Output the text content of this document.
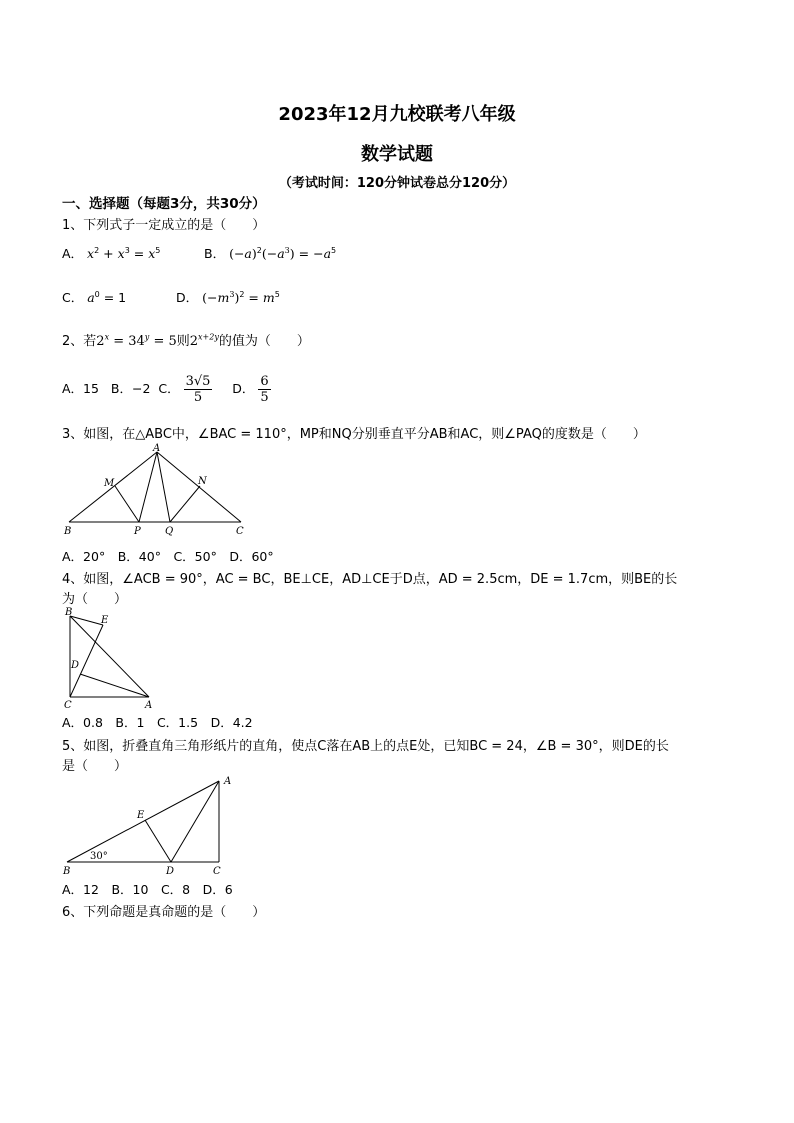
2023年12月九校联考八年级
数学试题
（考试时间：120分钟试卷总分120分）
一、选择题（每题3分，共30分）
1、下列式子一定成立的是（　　）
A． $x^2 + x^3 = x^5$	B． $(-a)^2(-a^3) = -a^5$
C． $a^0 = 1$	D． $(-m^3)^2 = m^5$
2、若$2^x = 34^y = 5$则$2^{x+2y}$的值为（　　）
A．15 B．−2 C． $\frac{3√5}{5}$ D． $\frac{6}{5}$
3、如图，在△ABC中，∠BAC = 110°，MP和NQ分别垂直平分AB和AC，则∠PAQ的度数是（　　）
A
B	C
M	N
P Q
A．20°　B．40°　C．50°　D．60°
4、如图，∠ACB = 90°，AC = BC，BE⊥CE，AD⊥CE于D点，AD = 2.5cm，DE = 1.7cm，则BE的长
为（　　）
B
E
D
C	A
A．0.8　B．1　C．1.5　D．4.2
5、如图，折叠直角三角形纸片的直角，使点C落在AB上的点E处，已知BC = 24，∠B = 30°，则DE的长
是（　　）
A
E
B	D	C
30°
A．12　B．10　C．8　D．6
6、下列命题是真命题的是（　　）
